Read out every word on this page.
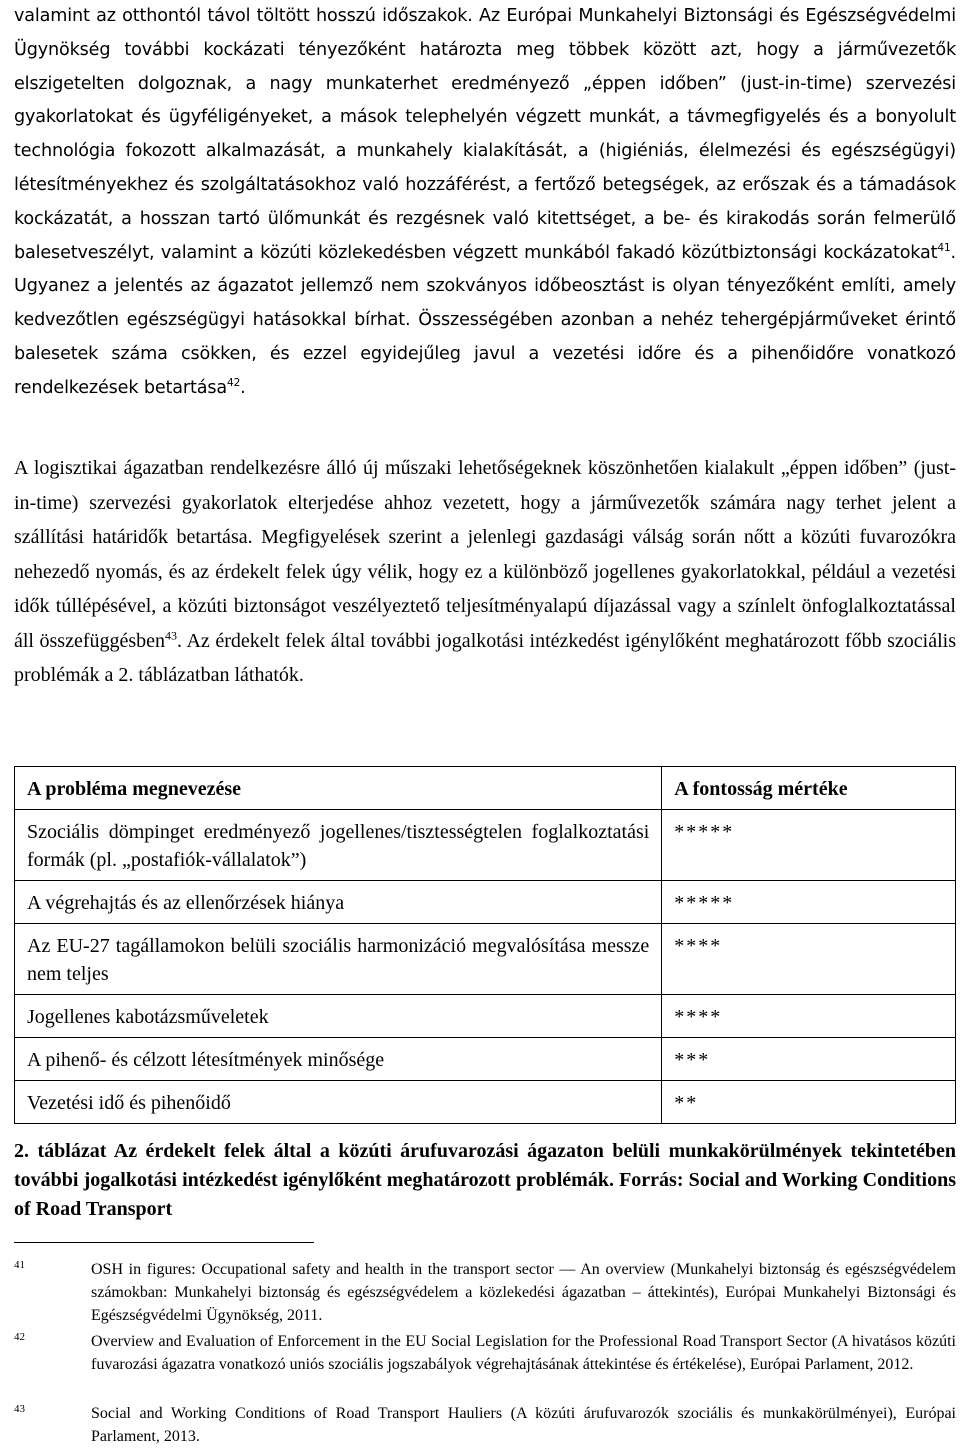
valamint az otthontól távol töltött hosszú időszakok. Az Európai Munkahelyi Biztonsági és Egészségvédelmi Ügynökség további kockázati tényezőként határozta meg többek között azt, hogy a járművezetők elszigetelten dolgoznak, a nagy munkaterhet eredményező „éppen időben” (just-in-time) szervezési gyakorlatokat és ügyféligényeket, a mások telephelyén végzett munkát, a távmegfigyelés és a bonyolult technológia fokozott alkalmazását, a munkahely kialakítását, a (higiéniás, élelmezési és egészségügyi) létesítményekhez és szolgáltatásokhoz való hozzáférést, a fertőző betegségek, az erőszak és a támadások kockázatát, a hosszan tartó ülőmunkát és rezgésnek való kitettséget, a be- és kirakodás során felmerülő balesetveszélyt, valamint a közúti közlekedésben végzett munkából fakadó közútbiztonsági kockázatokat$^{41}$. Ugyanez a jelentés az ágazatot jellemző nem szokványos időbeosztást is olyan tényezőként említi, amely kedvezőtlen egészségügyi hatásokkal bírhat. Összességében azonban a nehéz tehergépjárműveket érintő balesetek száma csökken, és ezzel egyidejűleg javul a vezetési időre és a pihenőidőre vonatkozó rendelkezések betartása$^{42}$.

A logisztikai ágazatban rendelkezésre álló új műszaki lehetőségeknek köszönhetően kialakult „éppen időben” (just-in-time) szervezési gyakorlatok elterjedése ahhoz vezetett, hogy a járművezetők számára nagy terhet jelent a szállítási határidők betartása. Megfigyelések szerint a jelenlegi gazdasági válság során nőtt a közúti fuvarozókra nehezedő nyomás, és az érdekelt felek úgy vélik, hogy ez a különböző jogellenes gyakorlatokkal, például a vezetési idők túllépésével, a közúti biztonságot veszélyeztető teljesítményalapú díjazással vagy a színlelt önfoglalkoztatással áll összefüggésben$^{43}$. Az érdekelt felek által további jogalkotási intézkedést igénylőként meghatározott főbb szociális problémák a 2. táblázatban láthatók.

A probléma megnevezése	A fontosság mértéke
Szociális dömpinget eredményező jogellenes/tisztességtelen foglalkoztatási formák (pl. „postafiók-vállalatok”)	*****
A végrehajtás és az ellenőrzések hiánya	*****
Az EU-27 tagállamokon belüli szociális harmonizáció megvalósítása messze nem teljes	****
Jogellenes kabotázsműveletek	****
A pihenő- és célzott létesítmények minősége	***
Vezetési idő és pihenőidő	**

2. táblázat Az érdekelt felek által a közúti árufuvarozási ágazaton belüli munkakörülmények tekintetében további jogalkotási intézkedést igénylőként meghatározott problémák. Forrás: Social and Working Conditions of Road Transport

41	OSH in figures: Occupational safety and health in the transport sector — An overview (Munkahelyi biztonság és egészségvédelem számokban: Munkahelyi biztonság és egészségvédelem a közlekedési ágazatban – áttekintés), Európai Munkahelyi Biztonsági és Egészségvédelmi Ügynökség, 2011.
42	Overview and Evaluation of Enforcement in the EU Social Legislation for the Professional Road Transport Sector (A hivatásos közúti fuvarozási ágazatra vonatkozó uniós szociális jogszabályok végrehajtásának áttekintése és értékelése), Európai Parlament, 2012.
43	Social and Working Conditions of Road Transport Hauliers (A közúti árufuvarozók szociális és munkakörülményei), Európai Parlament, 2013.
